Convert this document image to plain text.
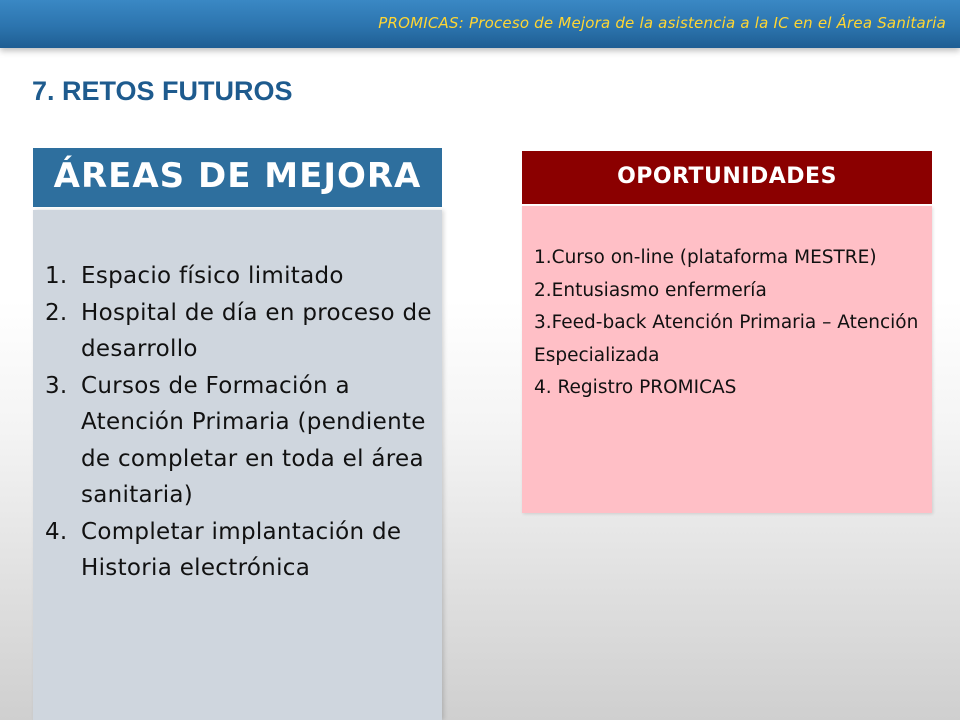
PROMICAS: Proceso de Mejora de la asistencia a la IC en el Área Sanitaria
7. RETOS FUTUROS
ÁREAS DE MEJORA
1. Espacio físico limitado
2. Hospital de día en proceso de desarrollo
3. Cursos de Formación a Atención Primaria (pendiente de completar en toda el área sanitaria)
4. Completar implantación de Historia electrónica
OPORTUNIDADES
1.Curso on-line (plataforma MESTRE)
2.Entusiasmo enfermería
3.Feed-back Atención Primaria – Atención Especializada
4. Registro PROMICAS
